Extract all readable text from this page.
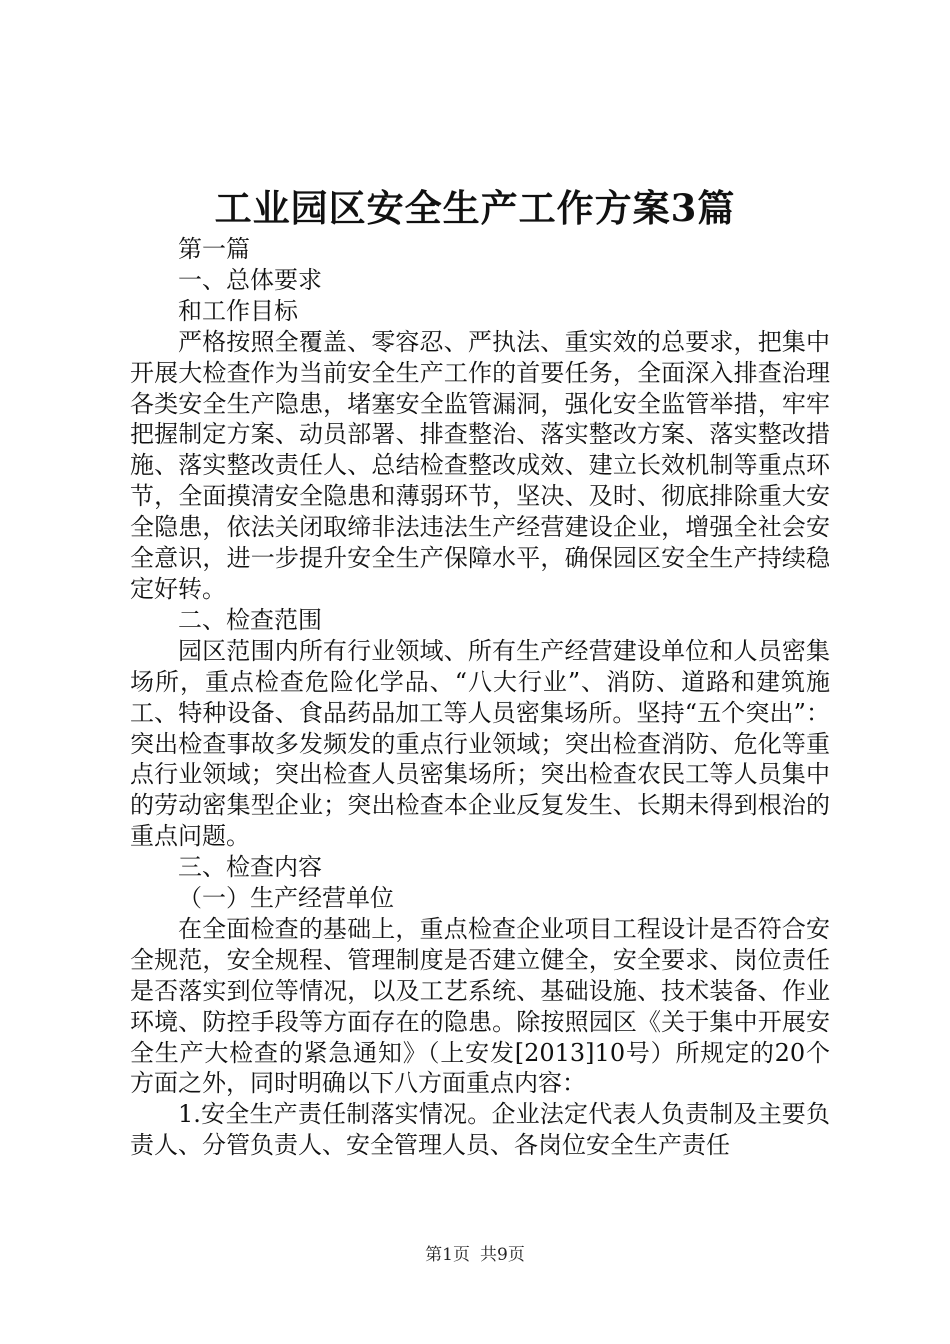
工业园区安全生产工作方案3篇
第一篇
一、总体要求
和工作目标

严格按照全覆盖、零容忍、严执法、重实效的总要求，把集中开展大检查作为当前安全生产工作的首要任务，全面深入排查治理各类安全生产隐患，堵塞安全监管漏洞，强化安全监管举措，牢牢把握制定方案、动员部署、排查整治、落实整改方案、落实整改措施、落实整改责任人、总结检查整改成效、建立长效机制等重点环节，全面摸清安全隐患和薄弱环节，坚决、及时、彻底排除重大安全隐患，依法关闭取缔非法违法生产经营建设企业，增强全社会安全意识，进一步提升安全生产保障水平，确保园区安全生产持续稳定好转。

二、检查范围

园区范围内所有行业领域、所有生产经营建设单位和人员密集场所，重点检查危险化学品、“八大行业”、消防、道路和建筑施工、特种设备、食品药品加工等人员密集场所。坚持“五个突出”：突出检查事故多发频发的重点行业领域；突出检查消防、危化等重点行业领域；突出检查人员密集场所；突出检查农民工等人员集中的劳动密集型企业；突出检查本企业反复发生、长期未得到根治的重点问题。

三、检查内容
（一）生产经营单位

在全面检查的基础上，重点检查企业项目工程设计是否符合安全规范，安全规程、管理制度是否建立健全，安全要求、岗位责任是否落实到位等情况，以及工艺系统、基础设施、技术装备、作业环境、防控手段等方面存在的隐患。除按照园区《关于集中开展安全生产大检查的紧急通知》（上安发[2013]10号）所规定的20个方面之外，同时明确以下八方面重点内容：

1.安全生产责任制落实情况。企业法定代表人负责制及主要负责人、分管负责人、安全管理人员、各岗位安全生产责任

第1页 共9页
